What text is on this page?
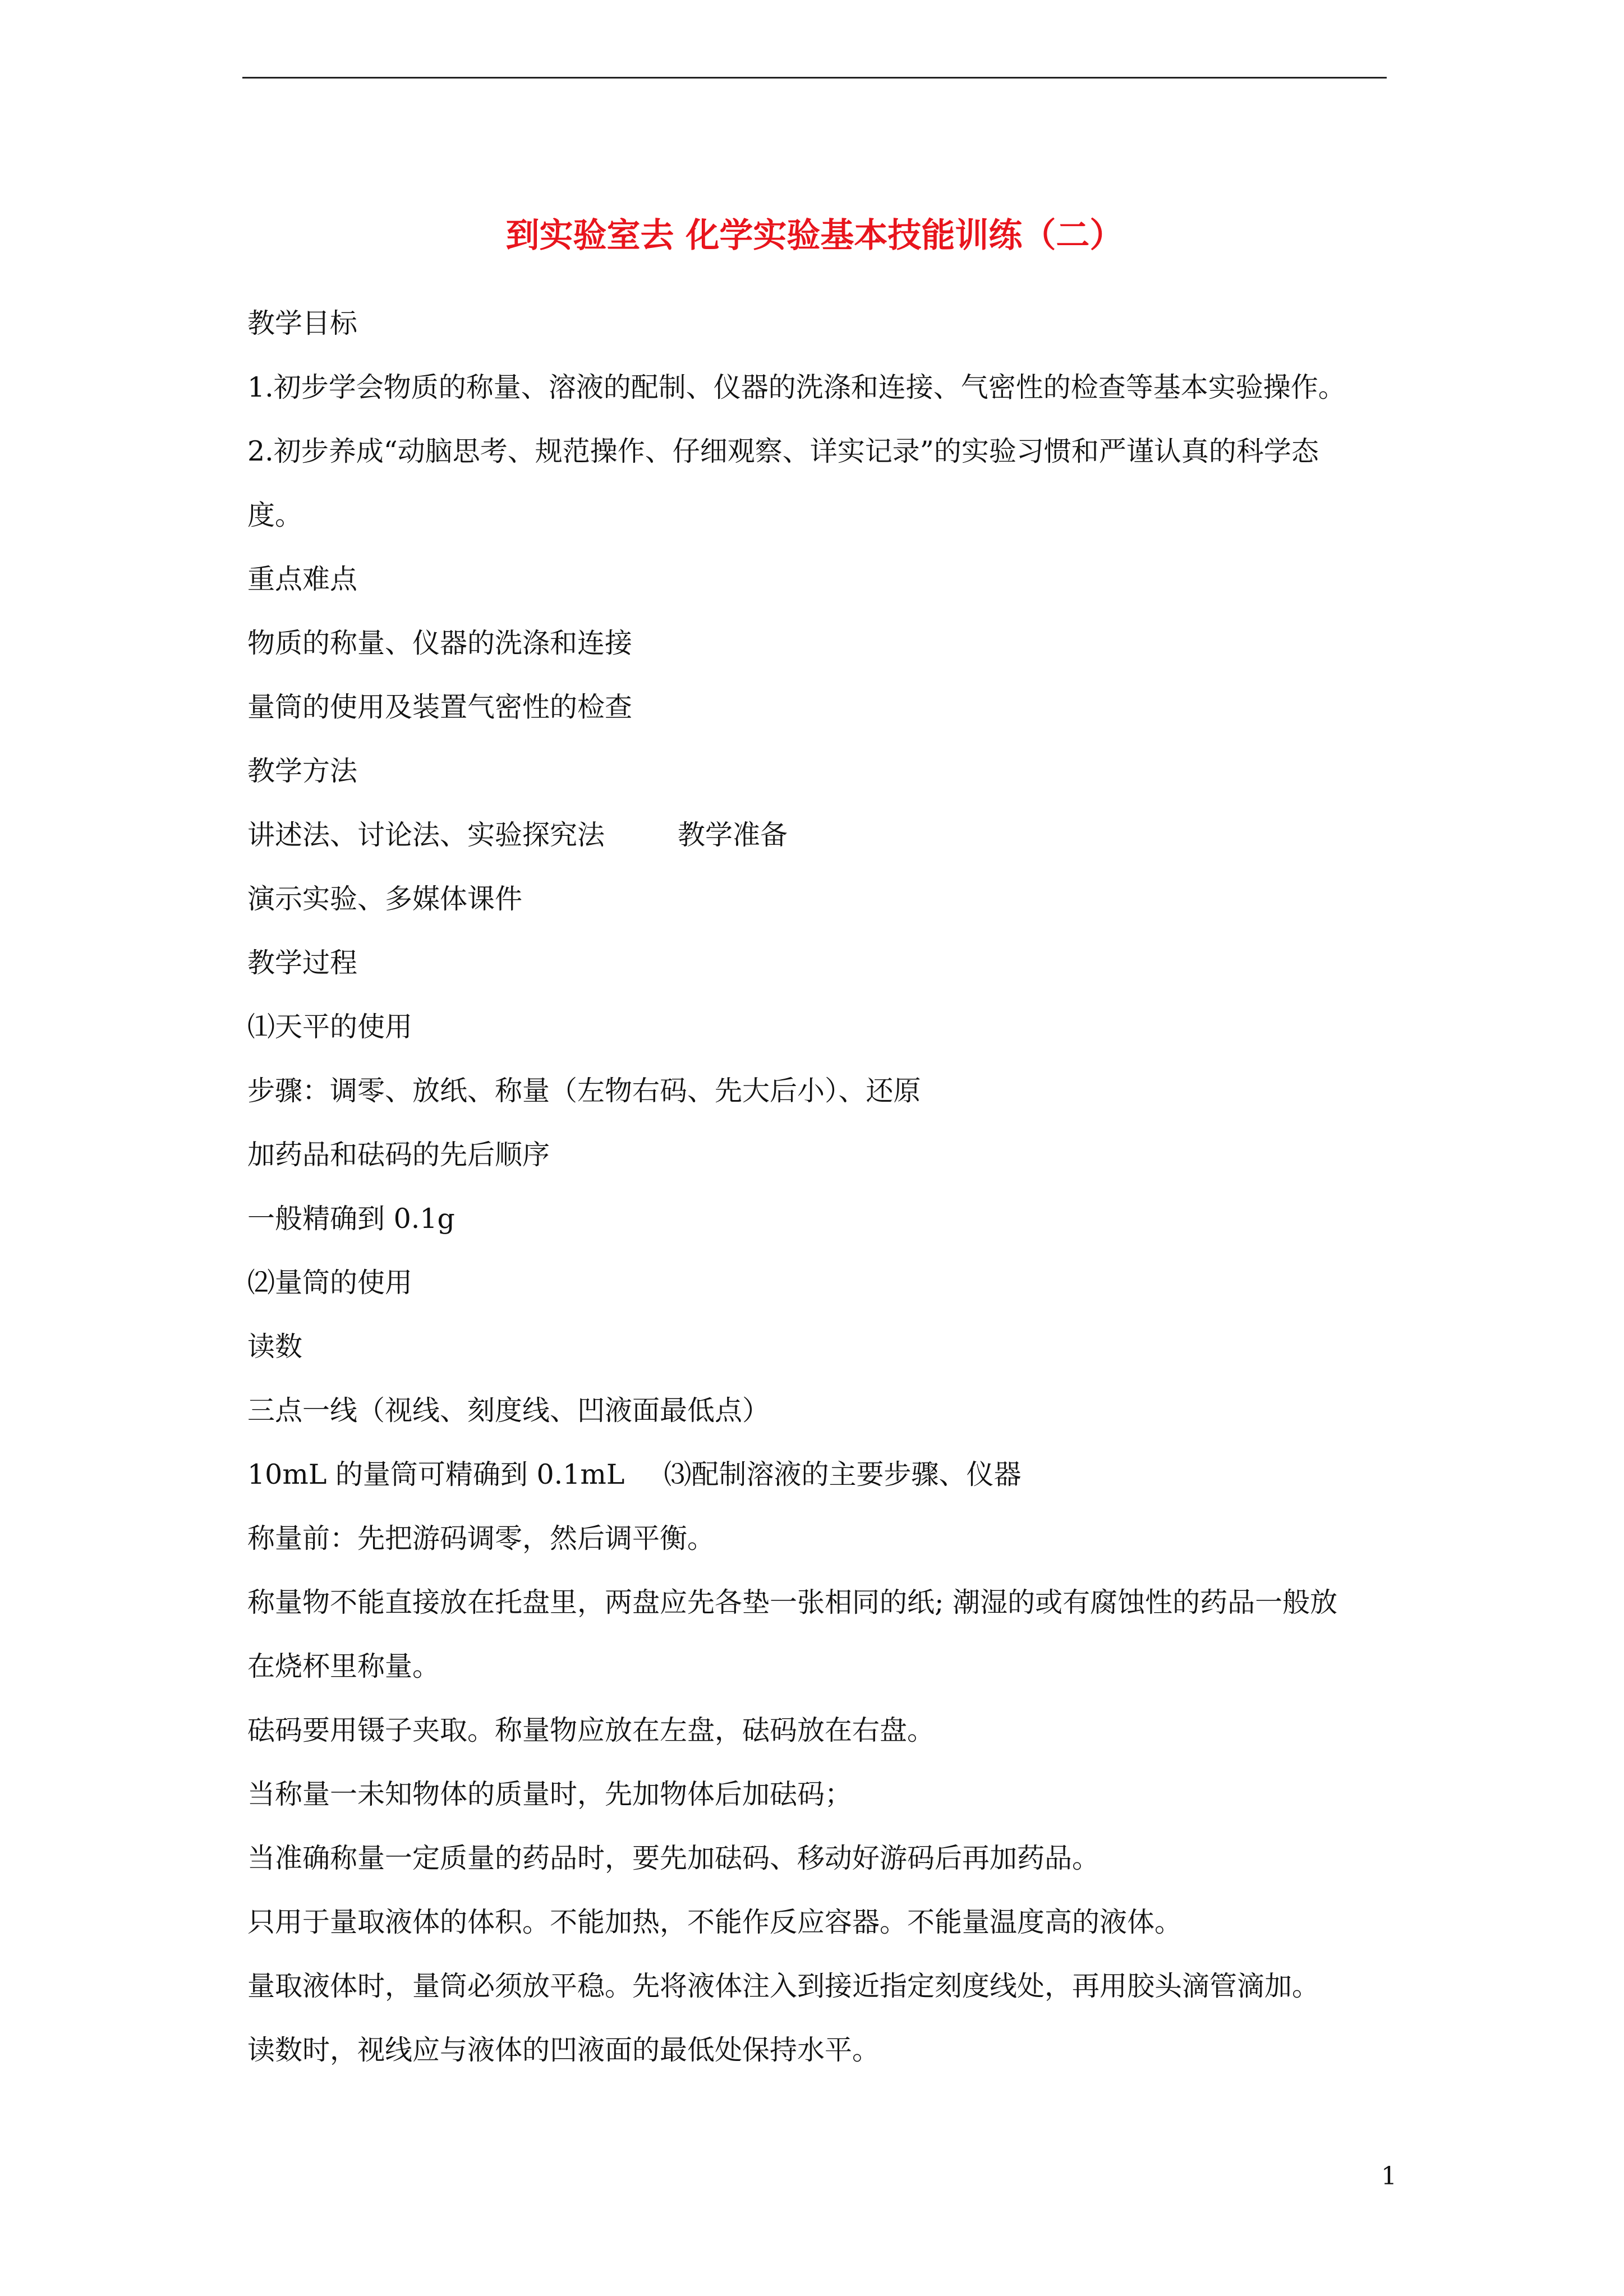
到实验室去 化学实验基本技能训练（二）
教学目标
1.初步学会物质的称量、溶液的配制、仪器的洗涤和连接、气密性的检查等基本实验操作。
2.初步养成“动脑思考、规范操作、仔细观察、详实记录”的实验习惯和严谨认真的科学态
度。
重点难点
物质的称量、仪器的洗涤和连接
量筒的使用及装置气密性的检查
教学方法
讲述法、讨论法、实验探究法	教学准备
演示实验、多媒体课件
教学过程
⑴天平的使用
步骤：调零、放纸、称量（左物右码、先大后小）、还原
加药品和砝码的先后顺序
一般精确到 0.1g
⑵量筒的使用
读数
三点一线（视线、刻度线、凹液面最低点）
10mL 的量筒可精确到 0.1mL ⑶配制溶液的主要步骤、仪器
称量前：先把游码调零，然后调平衡。
称量物不能直接放在托盘里，两盘应先各垫一张相同的纸; 潮湿的或有腐蚀性的药品一般放
在烧杯里称量。
砝码要用镊子夹取。称量物应放在左盘，砝码放在右盘。
当称量一未知物体的质量时，先加物体后加砝码；
当准确称量一定质量的药品时，要先加砝码、移动好游码后再加药品。
只用于量取液体的体积。不能加热，不能作反应容器。不能量温度高的液体。
量取液体时，量筒必须放平稳。先将液体注入到接近指定刻度线处，再用胶头滴管滴加。
读数时，视线应与液体的凹液面的最低处保持水平。
1
